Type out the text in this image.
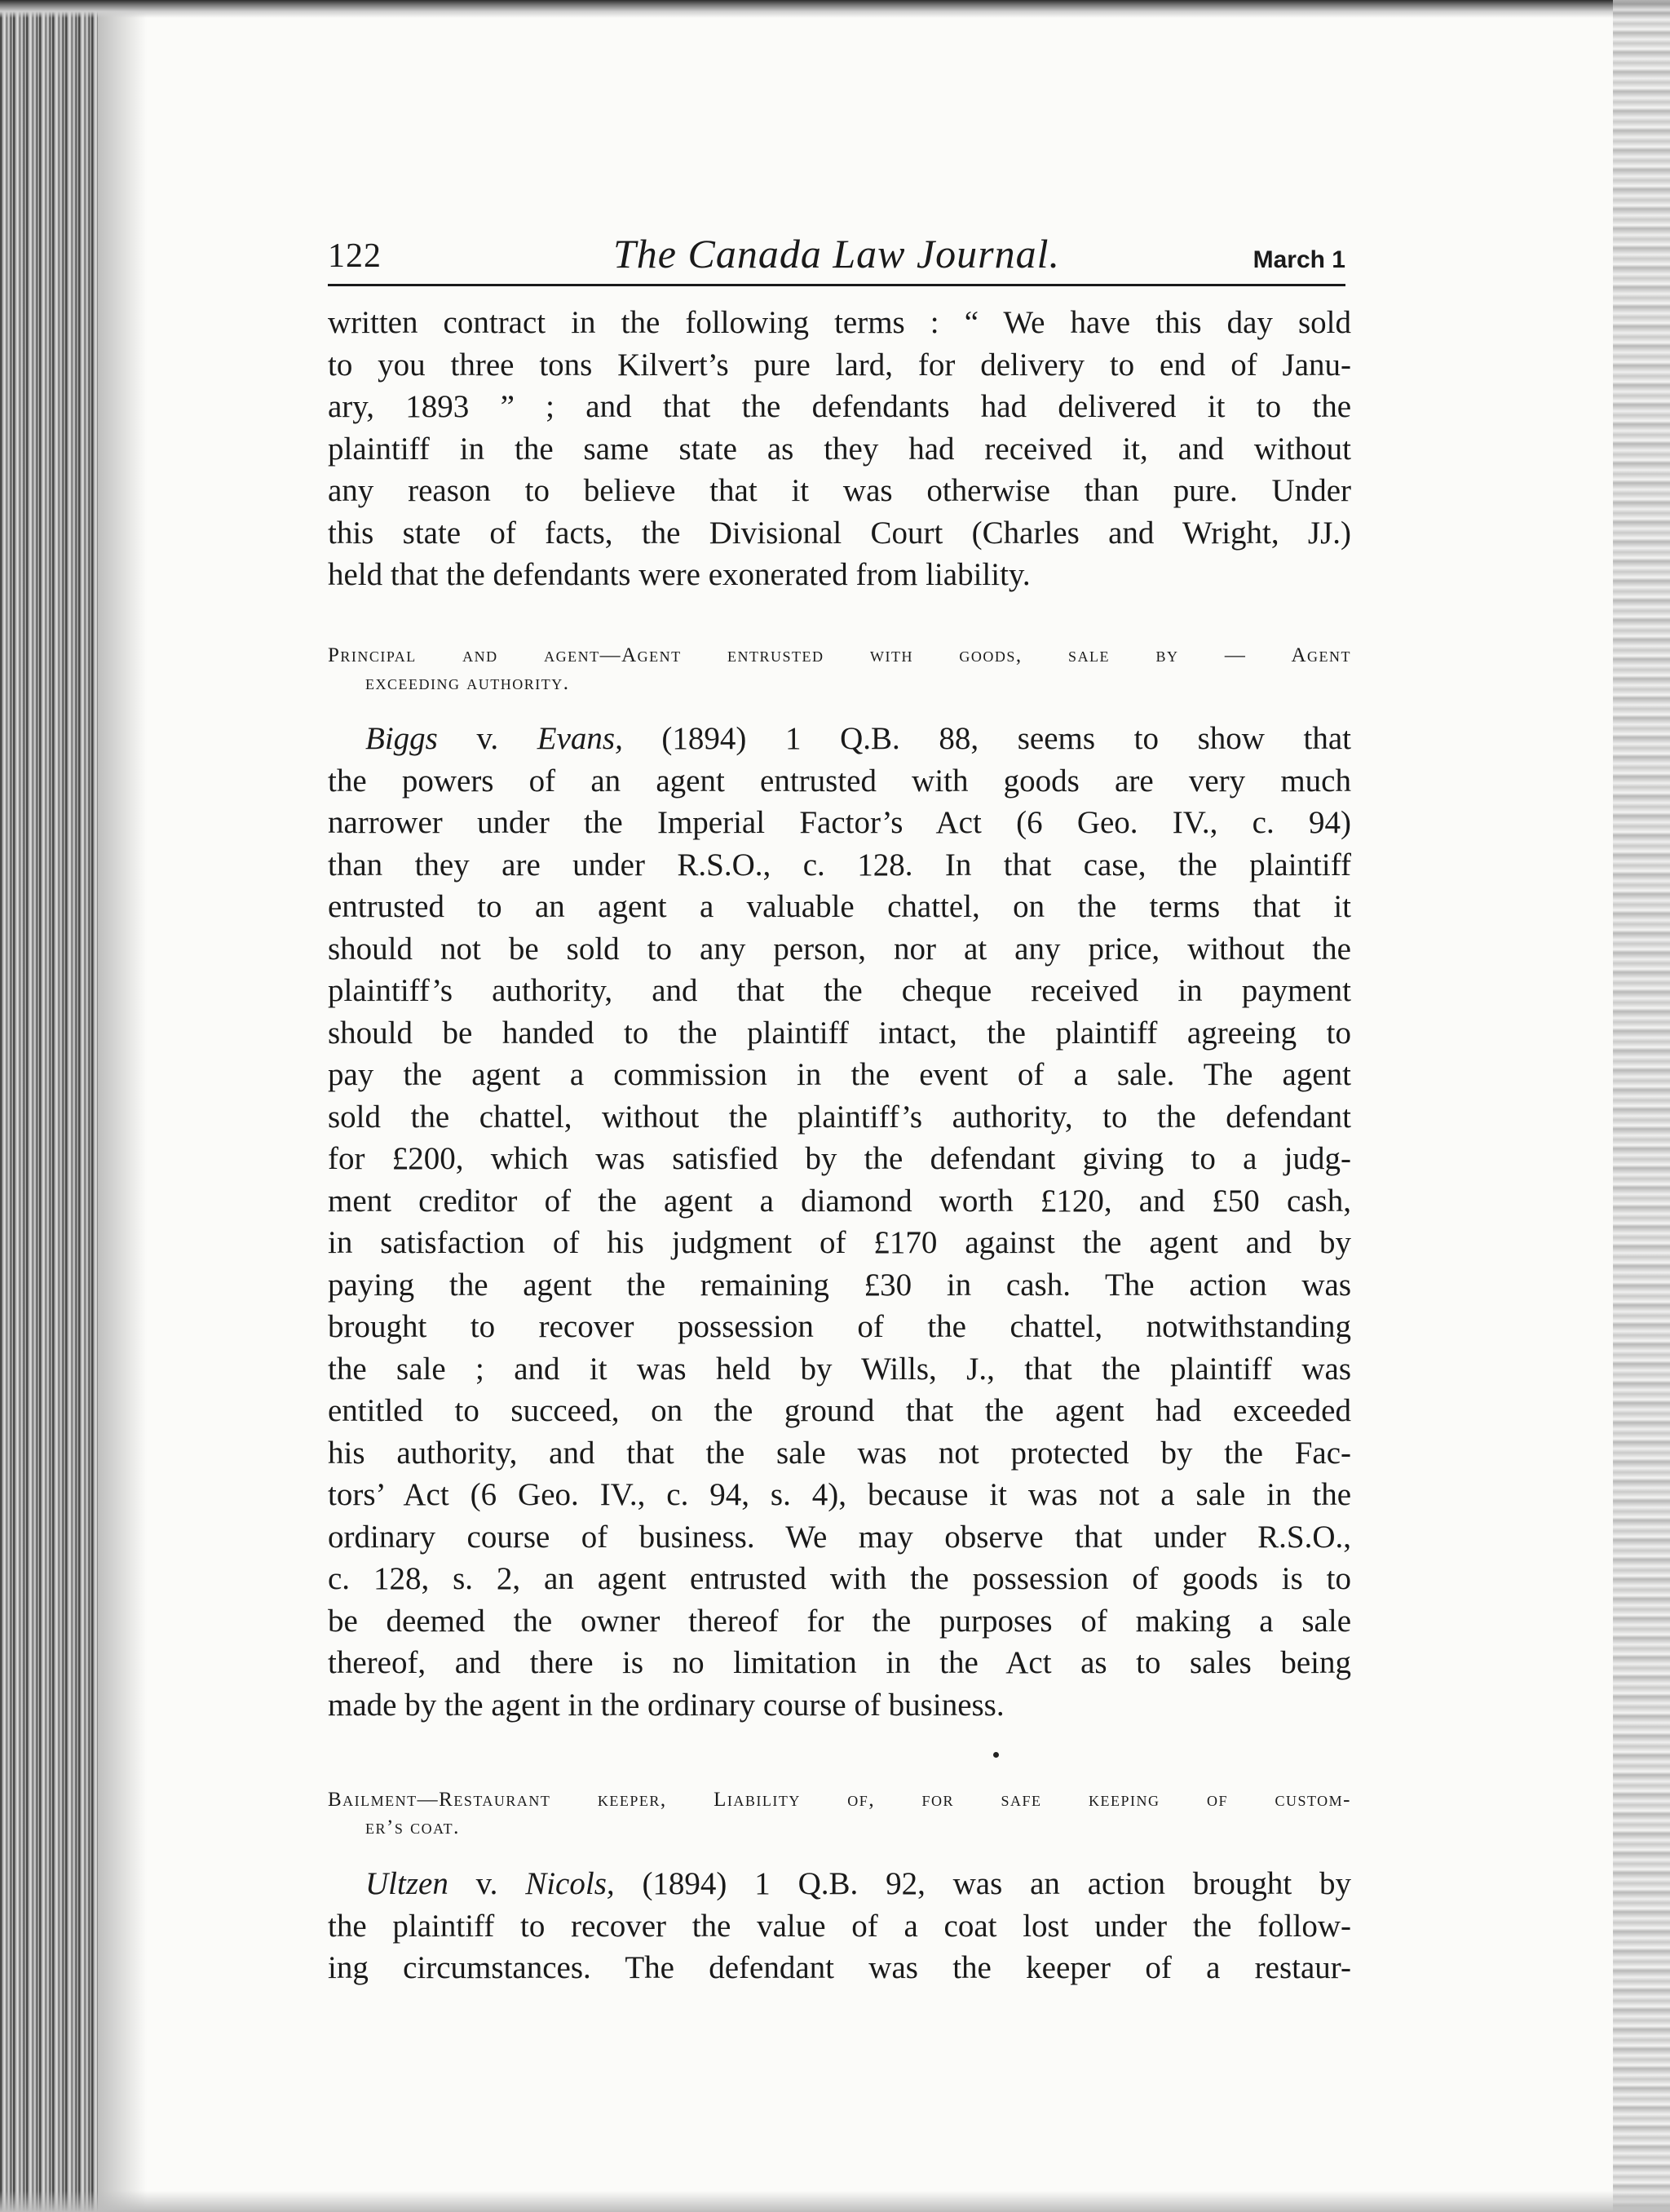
122	The Canada Law Journal.	March 1
written contract in the following terms : “ We have this day sold
to you three tons Kilvert’s pure lard, for delivery to end of Janu-
ary, 1893 ” ; and that the defendants had delivered it to the
plaintiff in the same state as they had received it, and without
any reason to believe that it was otherwise than pure. Under
this state of facts, the Divisional Court (Charles and Wright, JJ.)
held that the defendants were exonerated from liability.
Principal and agent—Agent entrusted with goods, sale by — Agent
exceeding authority.
Biggs v. Evans, (1894) 1 Q.B. 88, seems to show that
the powers of an agent entrusted with goods are very much
narrower under the Imperial Factor’s Act (6 Geo. IV., c. 94)
than they are under R.S.O., c. 128. In that case, the plaintiff
entrusted to an agent a valuable chattel, on the terms that it
should not be sold to any person, nor at any price, without the
plaintiff’s authority, and that the cheque received in payment
should be handed to the plaintiff intact, the plaintiff agreeing to
pay the agent a commission in the event of a sale. The agent
sold the chattel, without the plaintiff’s authority, to the defendant
for £200, which was satisfied by the defendant giving to a judg-
ment creditor of the agent a diamond worth £120, and £50 cash,
in satisfaction of his judgment of £170 against the agent and by
paying the agent the remaining £30 in cash. The action was
brought to recover possession of the chattel, notwithstanding
the sale ; and it was held by Wills, J., that the plaintiff was
entitled to succeed, on the ground that the agent had exceeded
his authority, and that the sale was not protected by the Fac-
tors’ Act (6 Geo. IV., c. 94, s. 4), because it was not a sale in the
ordinary course of business. We may observe that under R.S.O.,
c. 128, s. 2, an agent entrusted with the possession of goods is to
be deemed the owner thereof for the purposes of making a sale
thereof, and there is no limitation in the Act as to sales being
made by the agent in the ordinary course of business.
Bailment—Restaurant keeper, Liability of, for safe keeping of custom-
er’s coat.
Ultzen v. Nicols, (1894) 1 Q.B. 92, was an action brought by
the plaintiff to recover the value of a coat lost under the follow-
ing circumstances. The defendant was the keeper of a restaur-
